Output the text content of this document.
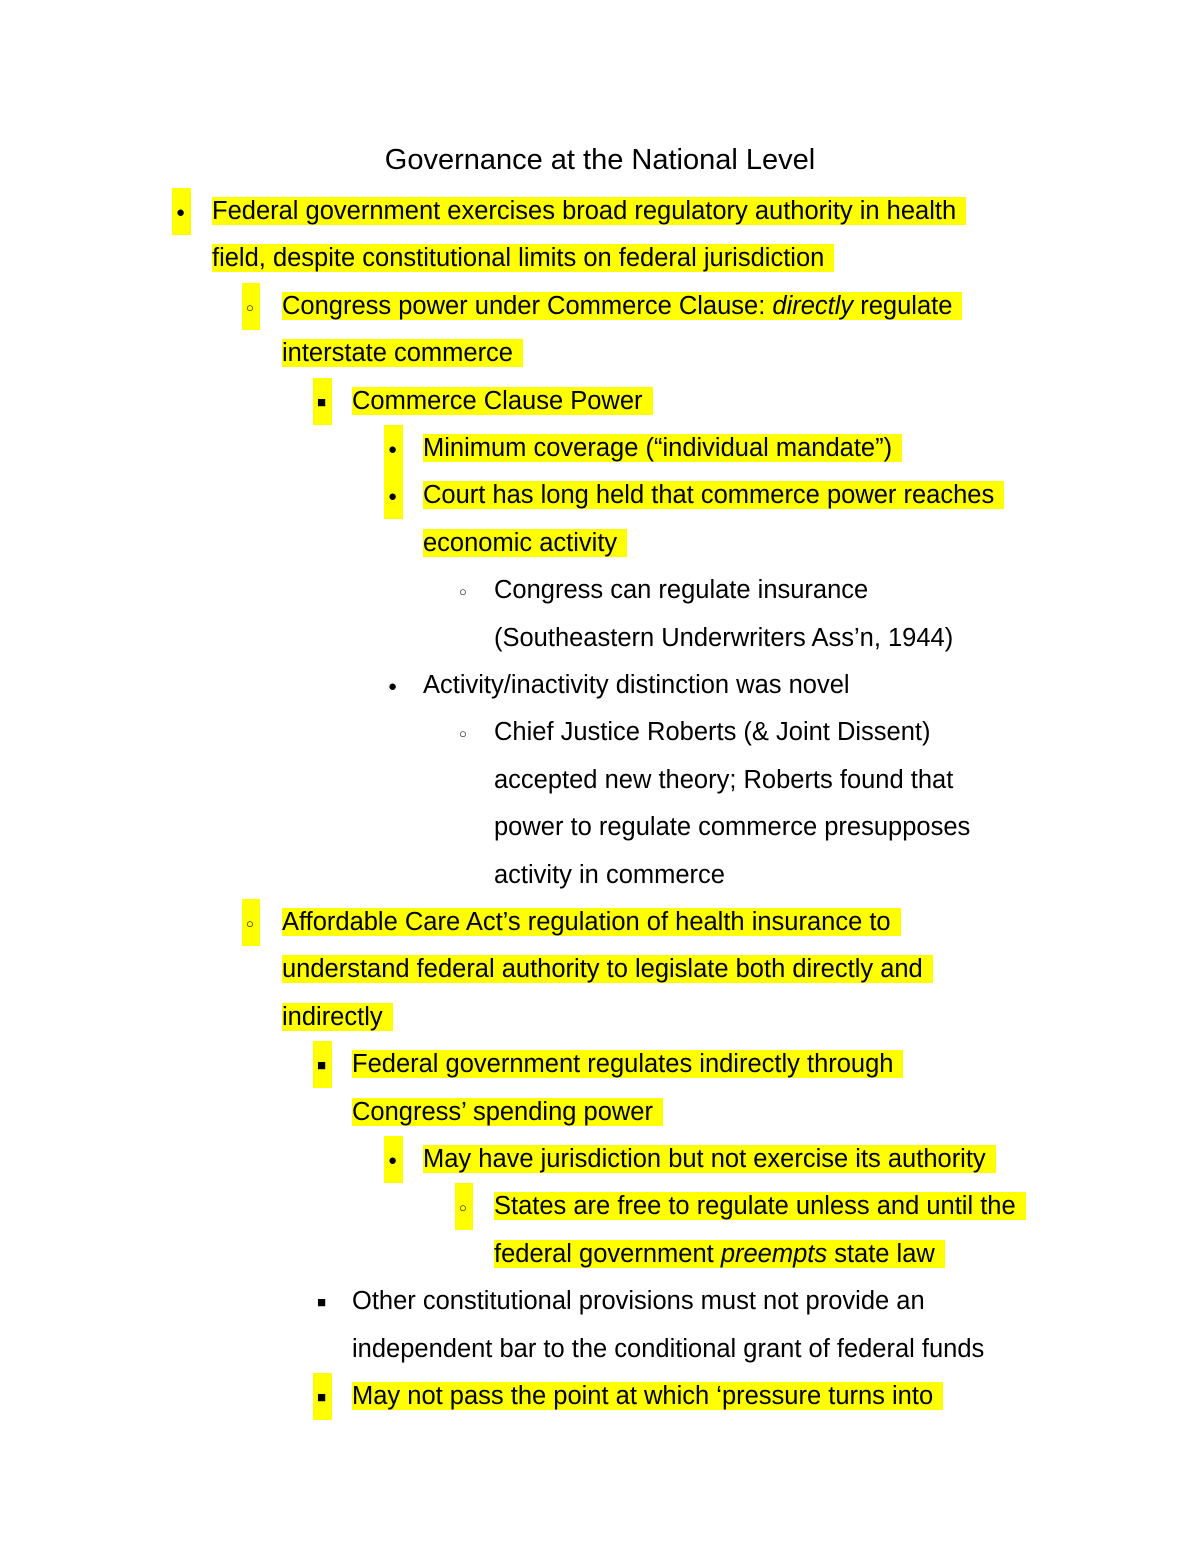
Governance at the National Level
●
Federal government exercises broad regulatory authority in health
field, despite constitutional limits on federal jurisdiction
○
Congress power under Commerce Clause: directly regulate
interstate commerce
■
Commerce Clause Power
●
Minimum coverage (“individual mandate”)
●
Court has long held that commerce power reaches
economic activity
○
Congress can regulate insurance
(Southeastern Underwriters Ass’n, 1944)
●
Activity/inactivity distinction was novel
○
Chief Justice Roberts (& Joint Dissent)
accepted new theory; Roberts found that
power to regulate commerce presupposes
activity in commerce
○
Affordable Care Act’s regulation of health insurance to
understand federal authority to legislate both directly and
indirectly
■
Federal government regulates indirectly through
Congress’ spending power
●
May have jurisdiction but not exercise its authority
○
States are free to regulate unless and until the
federal government preempts state law
■
Other constitutional provisions must not provide an
independent bar to the conditional grant of federal funds
■
May not pass the point at which ‘pressure turns into
